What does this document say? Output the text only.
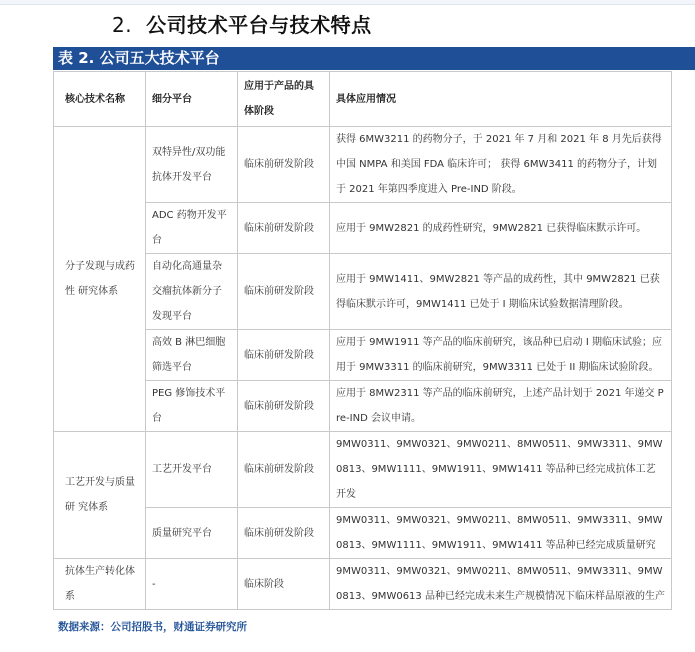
2. 公司技术平台与技术特点
表 2. 公司五大技术平台
核心技术名称	细分平台	应用于产品的具体阶段	具体应用情况
分子发现与成药性 研究体系	双特异性/双功能抗体开发平台	临床前研发阶段	获得 6MW3211 的药物分子，于 2021 年 7 月和 2021 年 8 月先后获得中国 NMPA 和美国 FDA 临床许可； 获得 6MW3411 的药物分子，计划于 2021 年第四季度进入 Pre-IND 阶段。
	ADC 药物开发平台	临床前研发阶段	应用于 9MW2821 的成药性研究，9MW2821 已获得临床默示许可。
	自动化高通量杂交瘤抗体新分子发现平台	临床前研发阶段	应用于 9MW1411、9MW2821 等产品的成药性，其中 9MW2821 已获得临床默示许可，9MW1411 已处于 I 期临床试验数据清理阶段。
	高效 B 淋巴细胞筛选平台	临床前研发阶段	应用于 9MW1911 等产品的临床前研究，该品种已启动 I 期临床试验；应用于 9MW3311 的临床前研究，9MW3311 已处于 II 期临床试验阶段。
	PEG 修饰技术平台	临床前研发阶段	应用于 8MW2311 等产品的临床前研究，上述产品计划于 2021 年递交 Pre-IND 会议申请。
工艺开发与质量研 究体系	工艺开发平台	临床前研发阶段	9MW0311、9MW0321、9MW0211、8MW0511、9MW3311、9MW0813、9MW1111、9MW1911、9MW1411 等品种已经完成抗体工艺开发
	质量研究平台	临床前研发阶段	9MW0311、9MW0321、9MW0211、8MW0511、9MW3311、9MW0813、9MW1111、9MW1911、9MW1411 等品种已经完成质量研究
抗体生产转化体系	-	临床阶段	9MW0311、9MW0321、9MW0211、8MW0511、9MW3311、9MW0813、9MW0613 品种已经完成未来生产规模情况下临床样品原液的生产
数据来源：公司招股书，财通证券研究所
